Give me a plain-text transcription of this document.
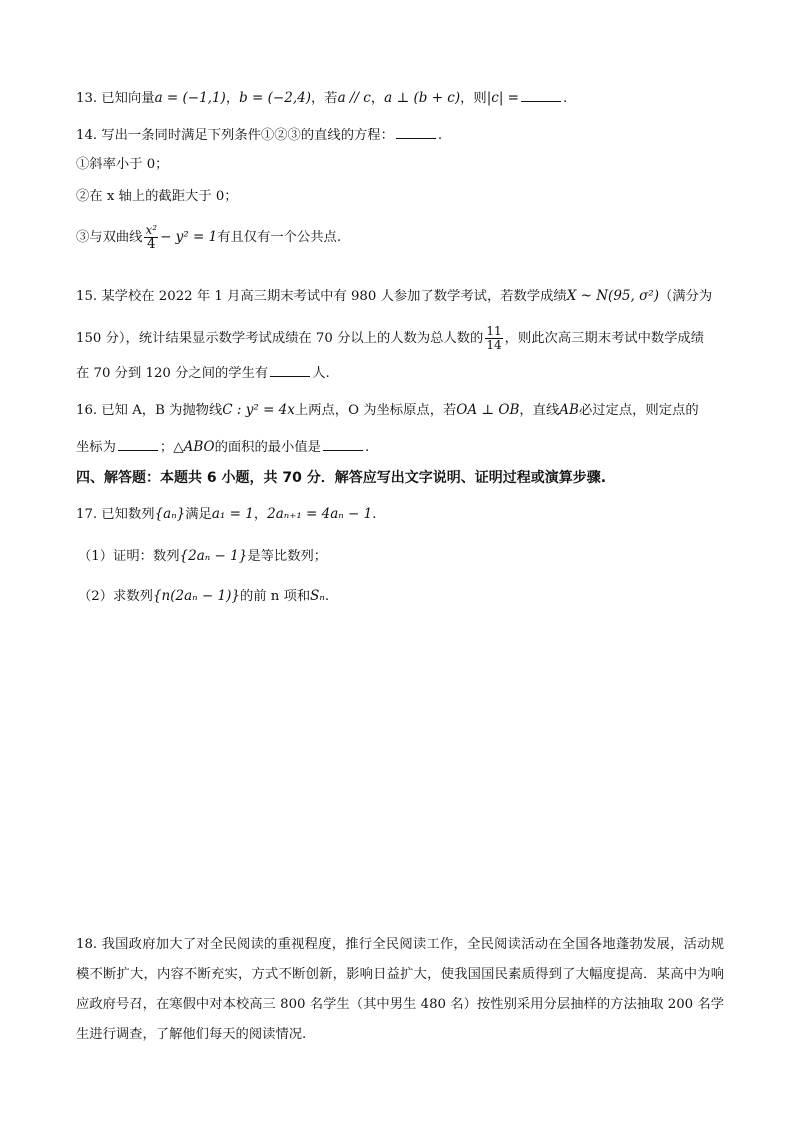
13. 已知向量a = (−1,1)，b = (−2,4)，若a // c，a ⊥ (b + c)，则|c| =	.
14. 写出一条同时满足下列条件①②③的直线的方程：	.
①斜率小于 0；
②在 x 轴上的截距大于 0；
③与双曲线 $\frac{\text{x²}}{4} - y^2 = 1$有且仅有一个公共点.
15. 某学校在 2022 年 1 月高三期末考试中有 980 人参加了数学考试，若数学成绩X ~ N(95, σ²)（满分为
150 分），统计结果显示数学考试成绩在 70 分以上的人数为总人数的 $\frac{11}{14}$ ，则此次高三期末考试中数学成绩
在 70 分到 120 分之间的学生有	人.
16. 已知 A，B 为抛物线C : y² = 4x上两点，O 为坐标原点，若OA ⊥ OB，直线AB必过定点，则定点的
坐标为	；△ABO的面积的最小值是	.
四、解答题：本题共 6 小题，共 70 分．解答应写出文字说明、证明过程或演算步骤.
17. 已知数列{aₙ}满足a₁ = 1，2aₙ₊₁ = 4aₙ − 1.
（1）证明：数列{2aₙ − 1}是等比数列；
（2）求数列{n(2aₙ − 1)}的前 n 项和Sₙ.
18. 我国政府加大了对全民阅读的重视程度，推行全民阅读工作，全民阅读活动在全国各地蓬勃发展，活动规模不断扩大，内容不断充实，方式不断创新，影响日益扩大，使我国国民素质得到了大幅度提高．某高中为响应政府号召，在寒假中对本校高三 800 名学生（其中男生 480 名）按性别采用分层抽样的方法抽取 200 名学生进行调查，了解他们每天的阅读情况.
